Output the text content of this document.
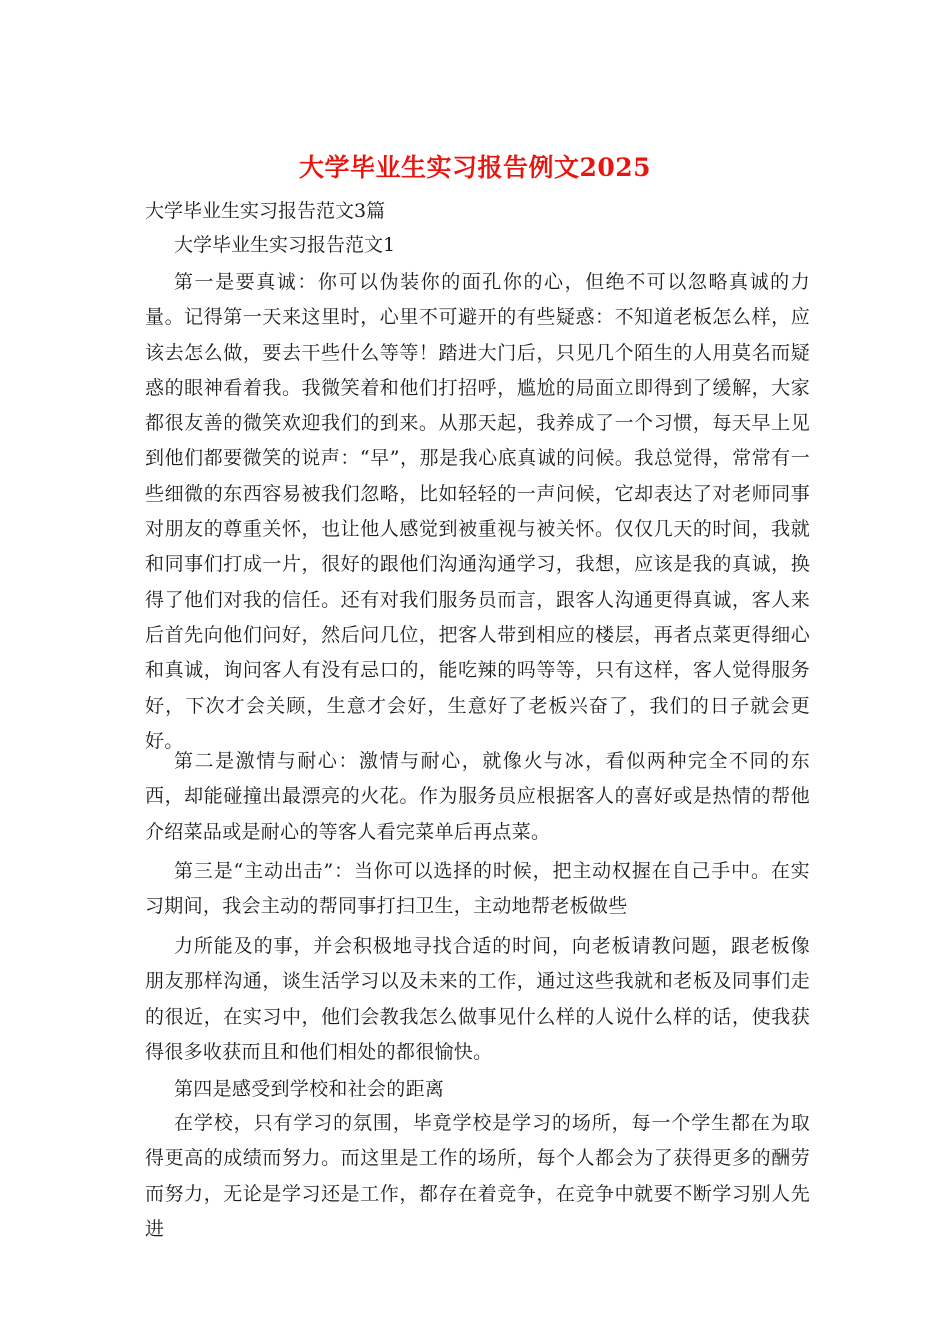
大学毕业生实习报告例文2025

大学毕业生实习报告范文3篇

大学毕业生实习报告范文1

第一是要真诚：你可以伪装你的面孔你的心，但绝不可以忽略真诚的力量。记得第一天来这里时，心里不可避开的有些疑惑：不知道老板怎么样，应该去怎么做，要去干些什么等等！踏进大门后，只见几个陌生的人用莫名而疑惑的眼神看着我。我微笑着和他们打招呼，尴尬的局面立即得到了缓解，大家都很友善的微笑欢迎我们的到来。从那天起，我养成了一个习惯，每天早上见到他们都要微笑的说声：“早”，那是我心底真诚的问候。我总觉得，常常有一些细微的东西容易被我们忽略，比如轻轻的一声问候，它却表达了对老师同事对朋友的尊重关怀，也让他人感觉到被重视与被关怀。仅仅几天的时间，我就和同事们打成一片，很好的跟他们沟通沟通学习，我想，应该是我的真诚，换得了他们对我的信任。还有对我们服务员而言，跟客人沟通更得真诚，客人来后首先向他们问好，然后问几位，把客人带到相应的楼层，再者点菜更得细心和真诚，询问客人有没有忌口的，能吃辣的吗等等，只有这样，客人觉得服务好，下次才会关顾，生意才会好，生意好了老板兴奋了，我们的日子就会更好。

第二是激情与耐心：激情与耐心，就像火与冰，看似两种完全不同的东西，却能碰撞出最漂亮的火花。作为服务员应根据客人的喜好或是热情的帮他介绍菜品或是耐心的等客人看完菜单后再点菜。

第三是“主动出击”：当你可以选择的时候，把主动权握在自己手中。在实习期间，我会主动的帮同事打扫卫生，主动地帮老板做些

力所能及的事，并会积极地寻找合适的时间，向老板请教问题，跟老板像朋友那样沟通，谈生活学习以及未来的工作，通过这些我就和老板及同事们走的很近，在实习中，他们会教我怎么做事见什么样的人说什么样的话，使我获得很多收获而且和他们相处的都很愉快。

第四是感受到学校和社会的距离

在学校，只有学习的氛围，毕竟学校是学习的场所，每一个学生都在为取得更高的成绩而努力。而这里是工作的场所，每个人都会为了获得更多的酬劳而努力，无论是学习还是工作，都存在着竞争，在竞争中就要不断学习别人先进
